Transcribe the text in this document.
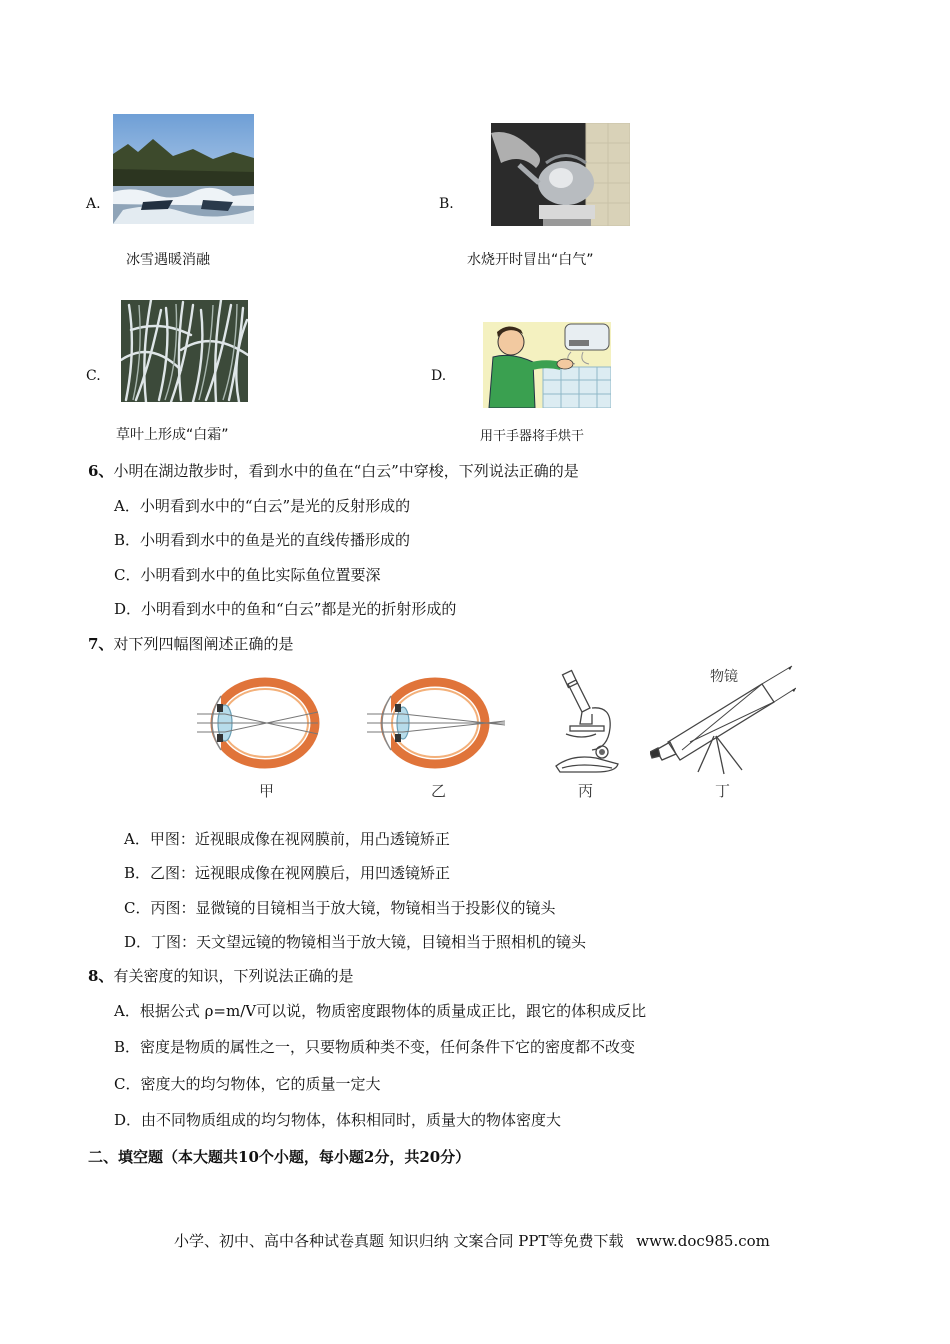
A.
冰雪遇暖消融
B.
水烧开时冒出“白气”
C.
草叶上形成“白霜”
D.
用干手器将手烘干
6、小明在湖边散步时，看到水中的鱼在“白云”中穿梭，下列说法正确的是
A．小明看到水中的“白云”是光的反射形成的
B．小明看到水中的鱼是光的直线传播形成的
C．小明看到水中的鱼比实际鱼位置要深
D．小明看到水中的鱼和“白云”都是光的折射形成的
7、对下列四幅图阐述正确的是
甲	乙	丙
物镜
丁
A．甲图：近视眼成像在视网膜前，用凸透镜矫正
B．乙图：远视眼成像在视网膜后，用凹透镜矫正
C．丙图：显微镜的目镜相当于放大镜，物镜相当于投影仪的镜头
D．丁图：天文望远镜的物镜相当于放大镜，目镜相当于照相机的镜头
8、有关密度的知识，下列说法正确的是
A．根据公式 ρ=m/V可以说，物质密度跟物体的质量成正比，跟它的体积成反比
B．密度是物质的属性之一，只要物质种类不变，任何条件下它的密度都不改变
C．密度大的均匀物体，它的质量一定大
D．由不同物质组成的均匀物体，体积相同时，质量大的物体密度大
二、填空题（本大题共10个小题，每小题2分，共20分）
小学、初中、高中各种试卷真题 知识归纳 文案合同 PPT等免费下载 www.doc985.com
